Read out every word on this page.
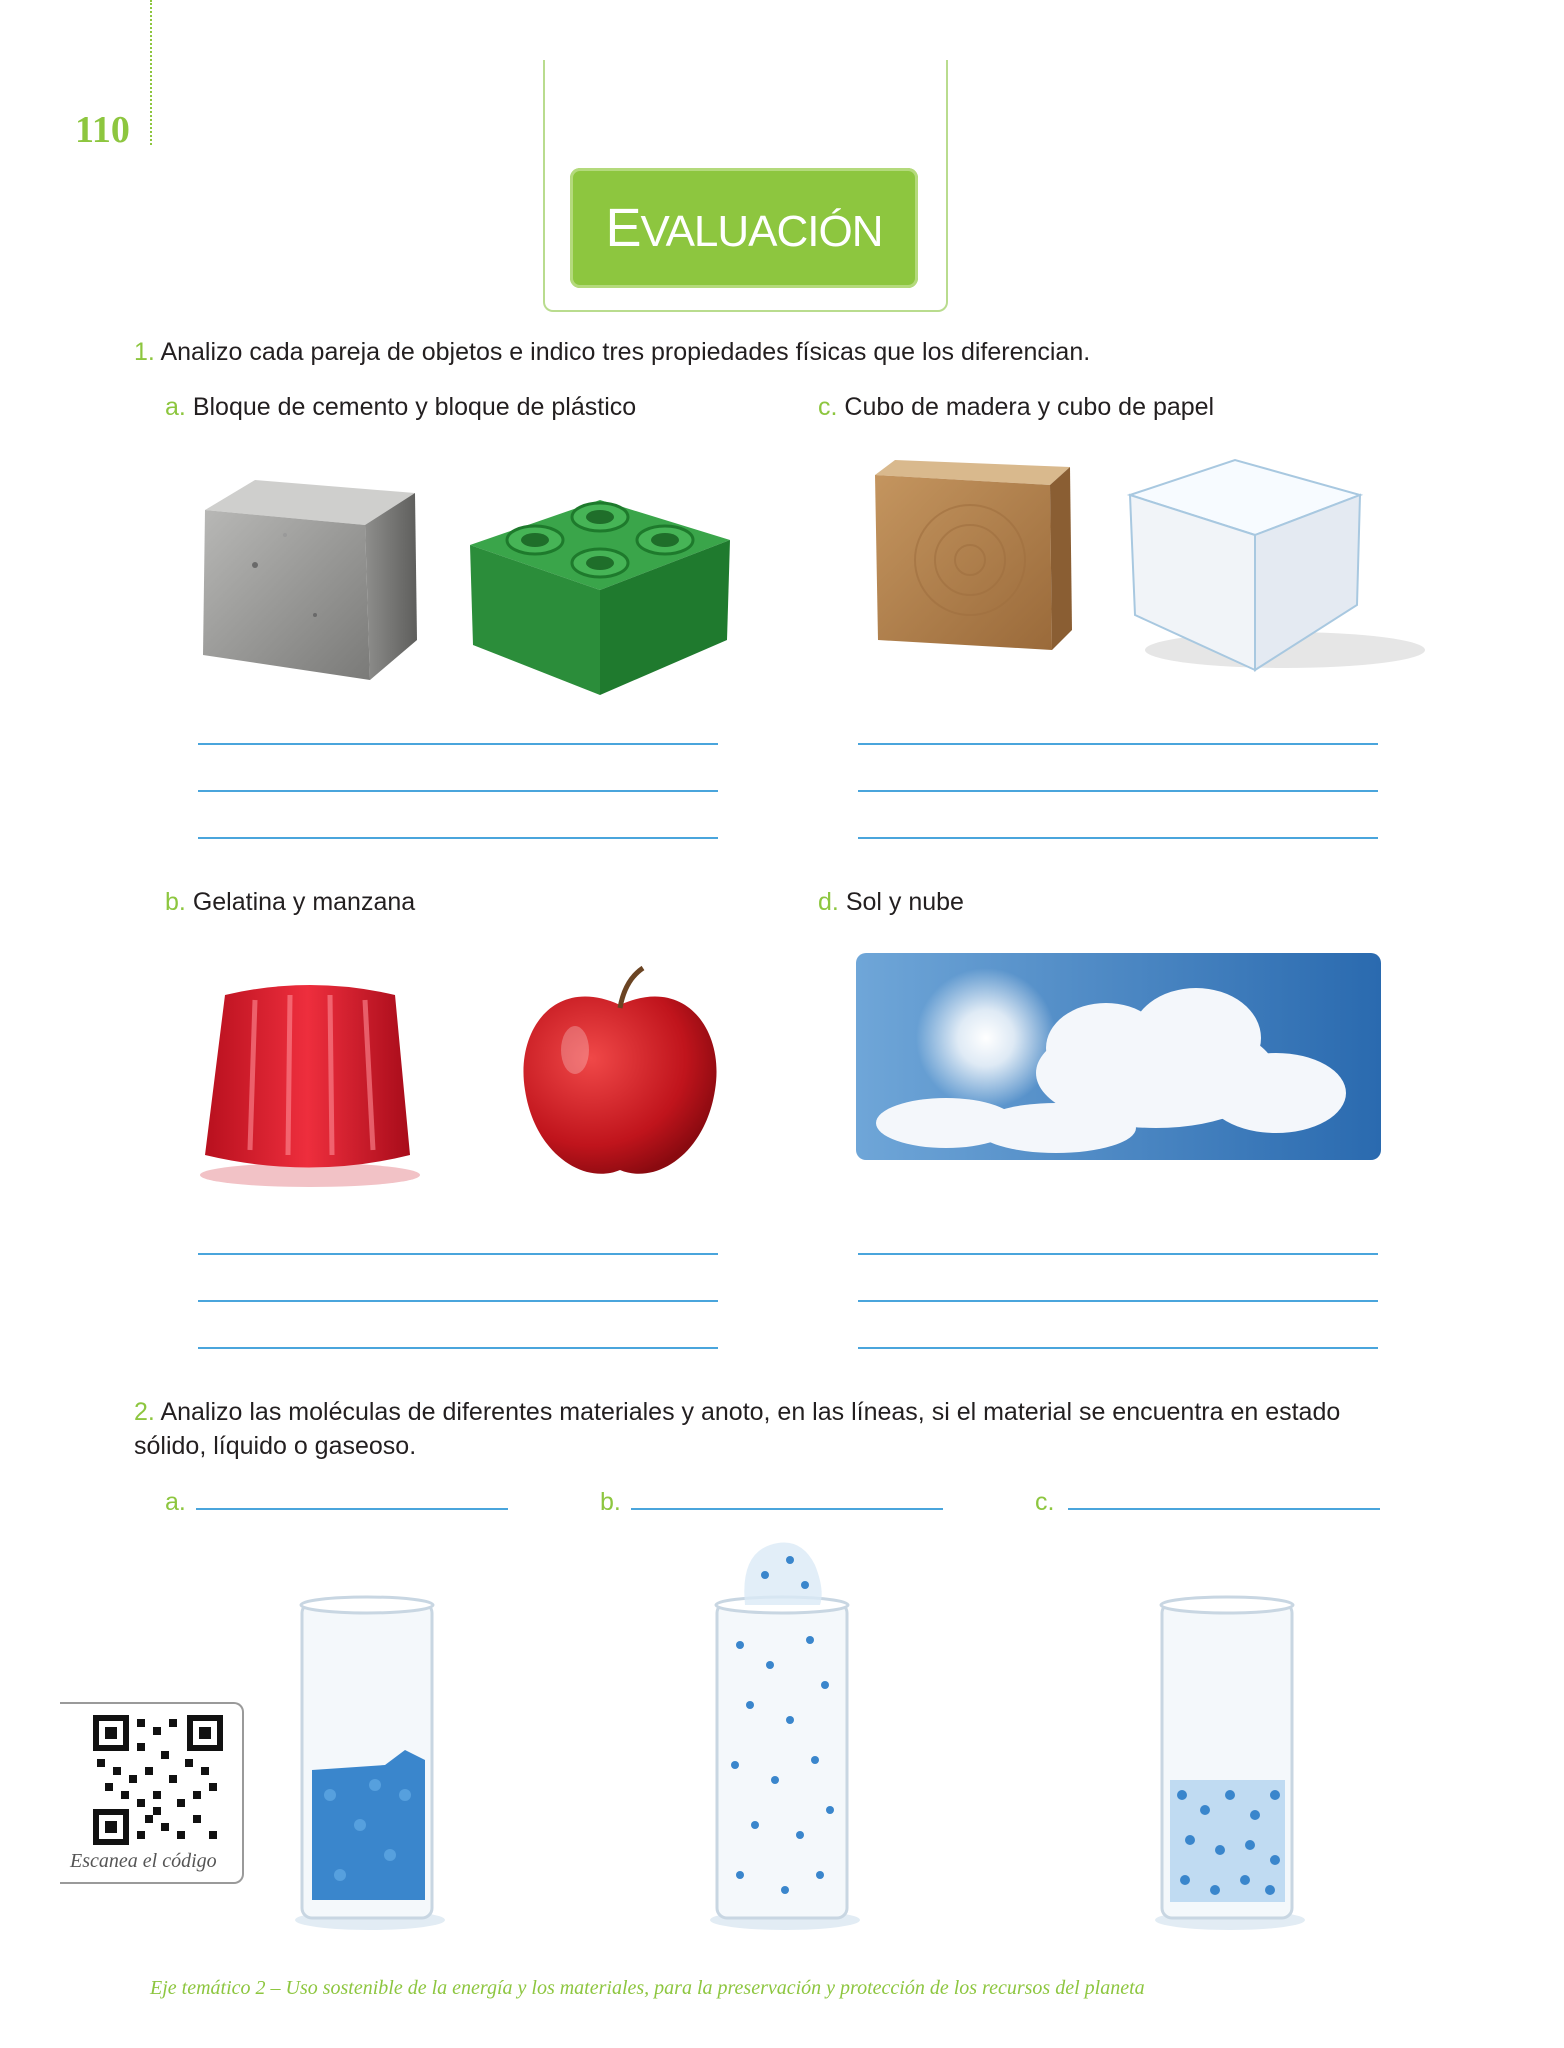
110
EVALUACIÓN
1. Analizo cada pareja de objetos e indico tres propiedades físicas que los diferencian.
a. Bloque de cemento y bloque de plástico	c. Cubo de madera y cubo de papel
b. Gelatina y manzana	d. Sol y nube
2. Analizo las moléculas de diferentes materiales y anoto, en las líneas, si el material se encuentra en estado sólido, líquido o gaseoso.
a.	b.	c.
Escanea el código
Eje temático 2 – Uso sostenible de la energía y los materiales, para la preservación y protección de los recursos del planeta
